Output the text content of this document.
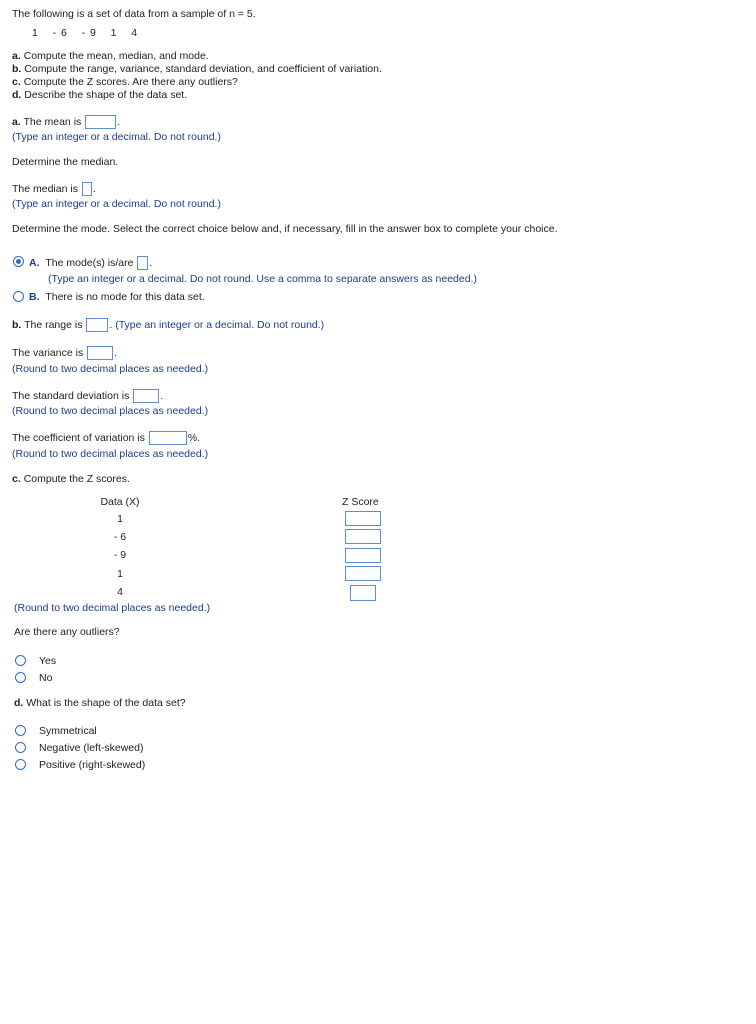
The following is a set of data from a sample of n = 5.
1 - 6 - 9 1 4
a. Compute the mean, median, and mode.
b. Compute the range, variance, standard deviation, and coefficient of variation.
c. Compute the Z scores. Are there any outliers?
d. Describe the shape of the data set.
a. The mean is	.
(Type an integer or a decimal. Do not round.)
Determine the median.
The median is .
(Type an integer or a decimal. Do not round.)
Determine the mode. Select the correct choice below and, if necessary, fill in the answer box to complete your choice.
A. The mode(s) is/are .
(Type an integer or a decimal. Do not round. Use a comma to separate answers as needed.)
B. There is no mode for this data set.
b. The range is	. (Type an integer or a decimal. Do not round.)
The variance is	.
(Round to two decimal places as needed.)
The standard deviation is	.
(Round to two decimal places as needed.)
The coefficient of variation is	%.
(Round to two decimal places as needed.)
c. Compute the Z scores.
Data (X)	Z Score
1
- 6
- 9
1
4
(Round to two decimal places as needed.)
Are there any outliers?
Yes
No
d. What is the shape of the data set?
Symmetrical
Negative (left-skewed)
Positive (right-skewed)
